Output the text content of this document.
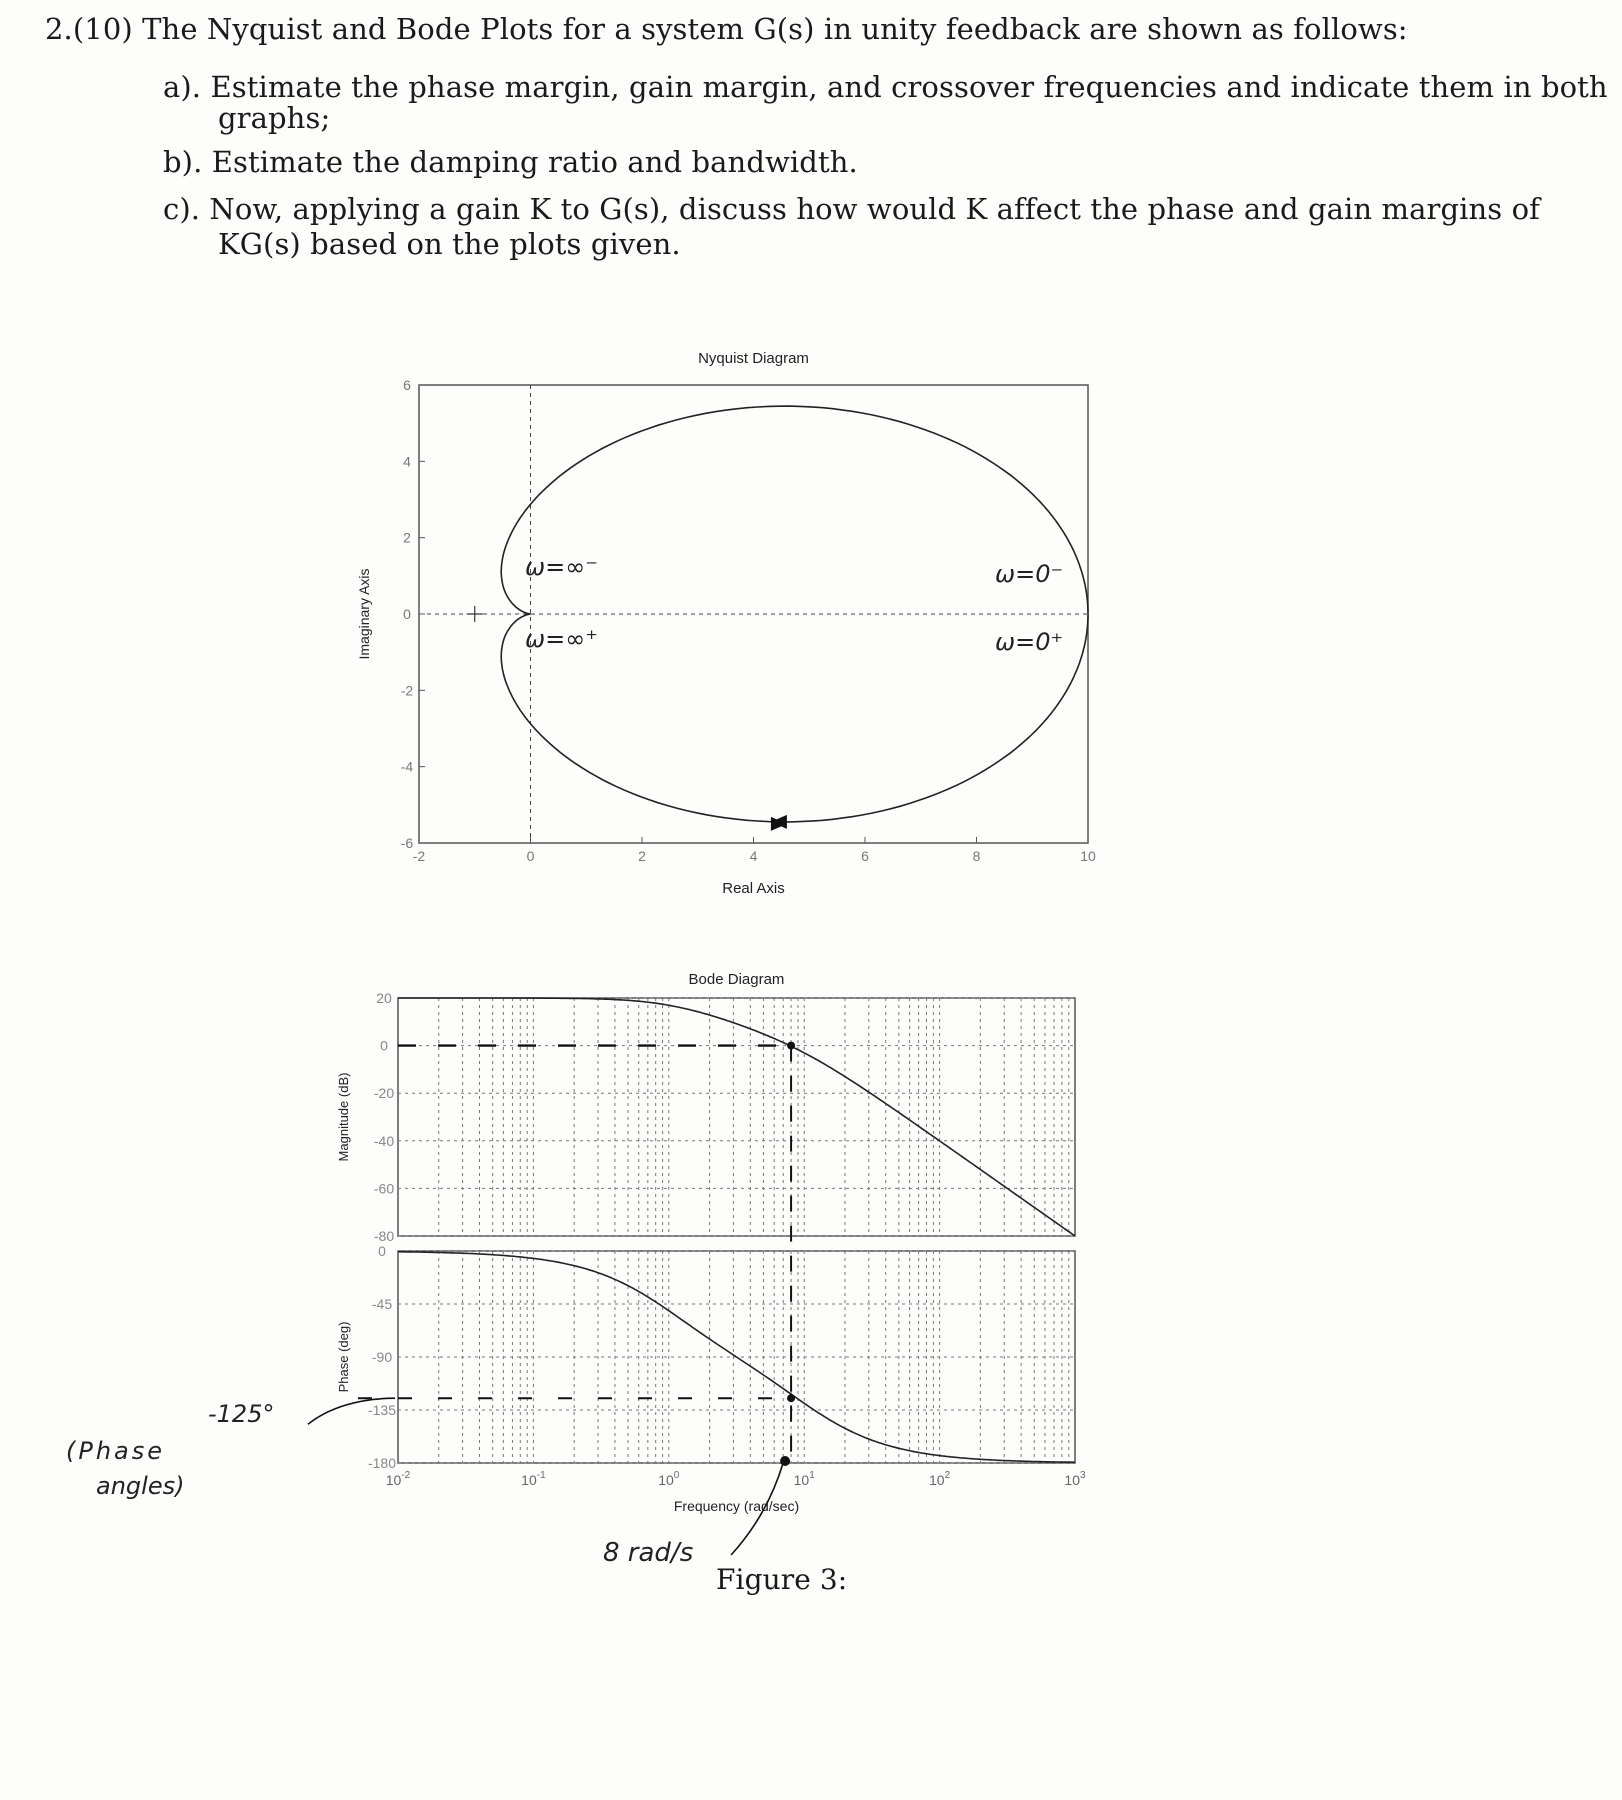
2.(10) The Nyquist and Bode Plots for a system G(s) in unity feedback are shown as follows:
a). Estimate the phase margin, gain margin, and crossover frequencies and indicate them in both
graphs;
b). Estimate the damping ratio and bandwidth.
c). Now, applying a gain K to G(s), discuss how would K affect the phase and gain margins of
KG(s) based on the plots given.
-2	0	2	4	6	8	10
6
4
2
0
-2
-4
-6
Nyquist Diagram
Real Axis
Imaginary Axis
20
0
-20
-40
-60
-80
0
-45
-90
-135
-180
$10^{-2}$	$10^{-1}$	$10^0$	$10^1$	$10^2$	$10^3$
Bode Diagram
Frequency (rad/sec)
Magnitude (dB)
Phase (deg)
ω=∞⁻
ω=∞⁺
ω=0⁻
ω=0⁺
-125°
(Phase
angles)
8 rad/s
Figure 3:
